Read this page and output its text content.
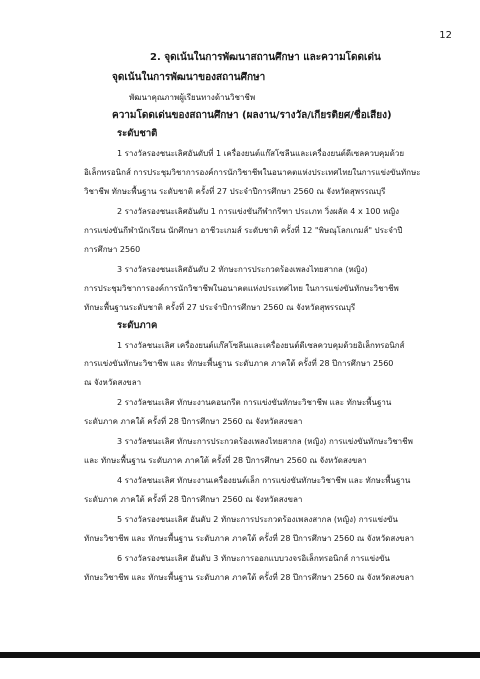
12
2. จุดเน้นในการพัฒนาสถานศึกษา และความโดดเด่น
จุดเน้นในการพัฒนาของสถานศึกษา
พัฒนาคุณภาพผู้เรียนทางด้านวิชาชีพ
ความโดดเด่นของสถานศึกษา (ผลงาน/รางวัล/เกียรติยศ/ชื่อเสียง)
ระดับชาติ
1 รางวัลรองชนะเลิศอันดับที่ 1 เครื่องยนต์แก๊สโซลีนและเครื่องยนต์ดีเซลควบคุมด้วย
อิเล็กทรอนิกส์ การประชุมวิชาการองค์การนักวิชาชีพในอนาคตแห่งประเทศไทยในการแข่งขันทักษะ
วิชาชีพ ทักษะพื้นฐาน ระดับชาติ ครั้งที่ 27 ประจำปีการศึกษา 2560 ณ จังหวัดสุพรรณบุรี
2 รางวัลรองชนะเลิศอันดับ 1 การแข่งขันกีฬากรีฑา ประเภท วิ่งผลัด 4 x 100 หญิง
การแข่งขันกีฬานักเรียน นักศึกษา อาชีวะเกมส์ ระดับชาติ ครั้งที่ 12 "พิษณุโลกเกมส์" ประจำปี
การศึกษา 2560
3 รางวัลรองชนะเลิศอันดับ 2 ทักษะการประกวดร้องเพลงไทยสากล (หญิง)
การประชุมวิชาการองค์การนักวิชาชีพในอนาคตแห่งประเทศไทย ในการแข่งขันทักษะวิชาชีพ
ทักษะพื้นฐานระดับชาติ ครั้งที่ 27 ประจำปีการศึกษา 2560 ณ จังหวัดสุพรรณบุรี
ระดับภาค
1 รางวัลชนะเลิศ เครื่องยนต์แก๊สโซลีนและเครื่องยนต์ดีเซลควบคุมด้วยอิเล็กทรอนิกส์
การแข่งขันทักษะวิชาชีพ และ ทักษะพื้นฐาน ระดับภาค ภาคใต้ ครั้งที่ 28 ปีการศึกษา 2560
ณ จังหวัดสงขลา
2 รางวัลชนะเลิศ ทักษะงานคอนกรีต การแข่งขันทักษะวิชาชีพ และ ทักษะพื้นฐาน
ระดับภาค ภาคใต้ ครั้งที่ 28 ปีการศึกษา 2560 ณ จังหวัดสงขลา
3 รางวัลชนะเลิศ ทักษะการประกวดร้องเพลงไทยสากล (หญิง) การแข่งขันทักษะวิชาชีพ
และ ทักษะพื้นฐาน ระดับภาค ภาคใต้ ครั้งที่ 28 ปีการศึกษา 2560 ณ จังหวัดสงขลา
4 รางวัลชนะเลิศ ทักษะงานเครื่องยนต์เล็ก การแข่งขันทักษะวิชาชีพ และ ทักษะพื้นฐาน
ระดับภาค ภาคใต้ ครั้งที่ 28 ปีการศึกษา 2560 ณ จังหวัดสงขลา
5 รางวัลรองชนะเลิศ อันดับ 2 ทักษะการประกวดร้องเพลงสากล (หญิง) การแข่งขัน
ทักษะวิชาชีพ และ ทักษะพื้นฐาน ระดับภาค ภาคใต้ ครั้งที่ 28 ปีการศึกษา 2560 ณ จังหวัดสงขลา
6 รางวัลรองชนะเลิศ อันดับ 3 ทักษะการออกแบบวงจรอิเล็กทรอนิกส์ การแข่งขัน
ทักษะวิชาชีพ และ ทักษะพื้นฐาน ระดับภาค ภาคใต้ ครั้งที่ 28 ปีการศึกษา 2560 ณ จังหวัดสงขลา
